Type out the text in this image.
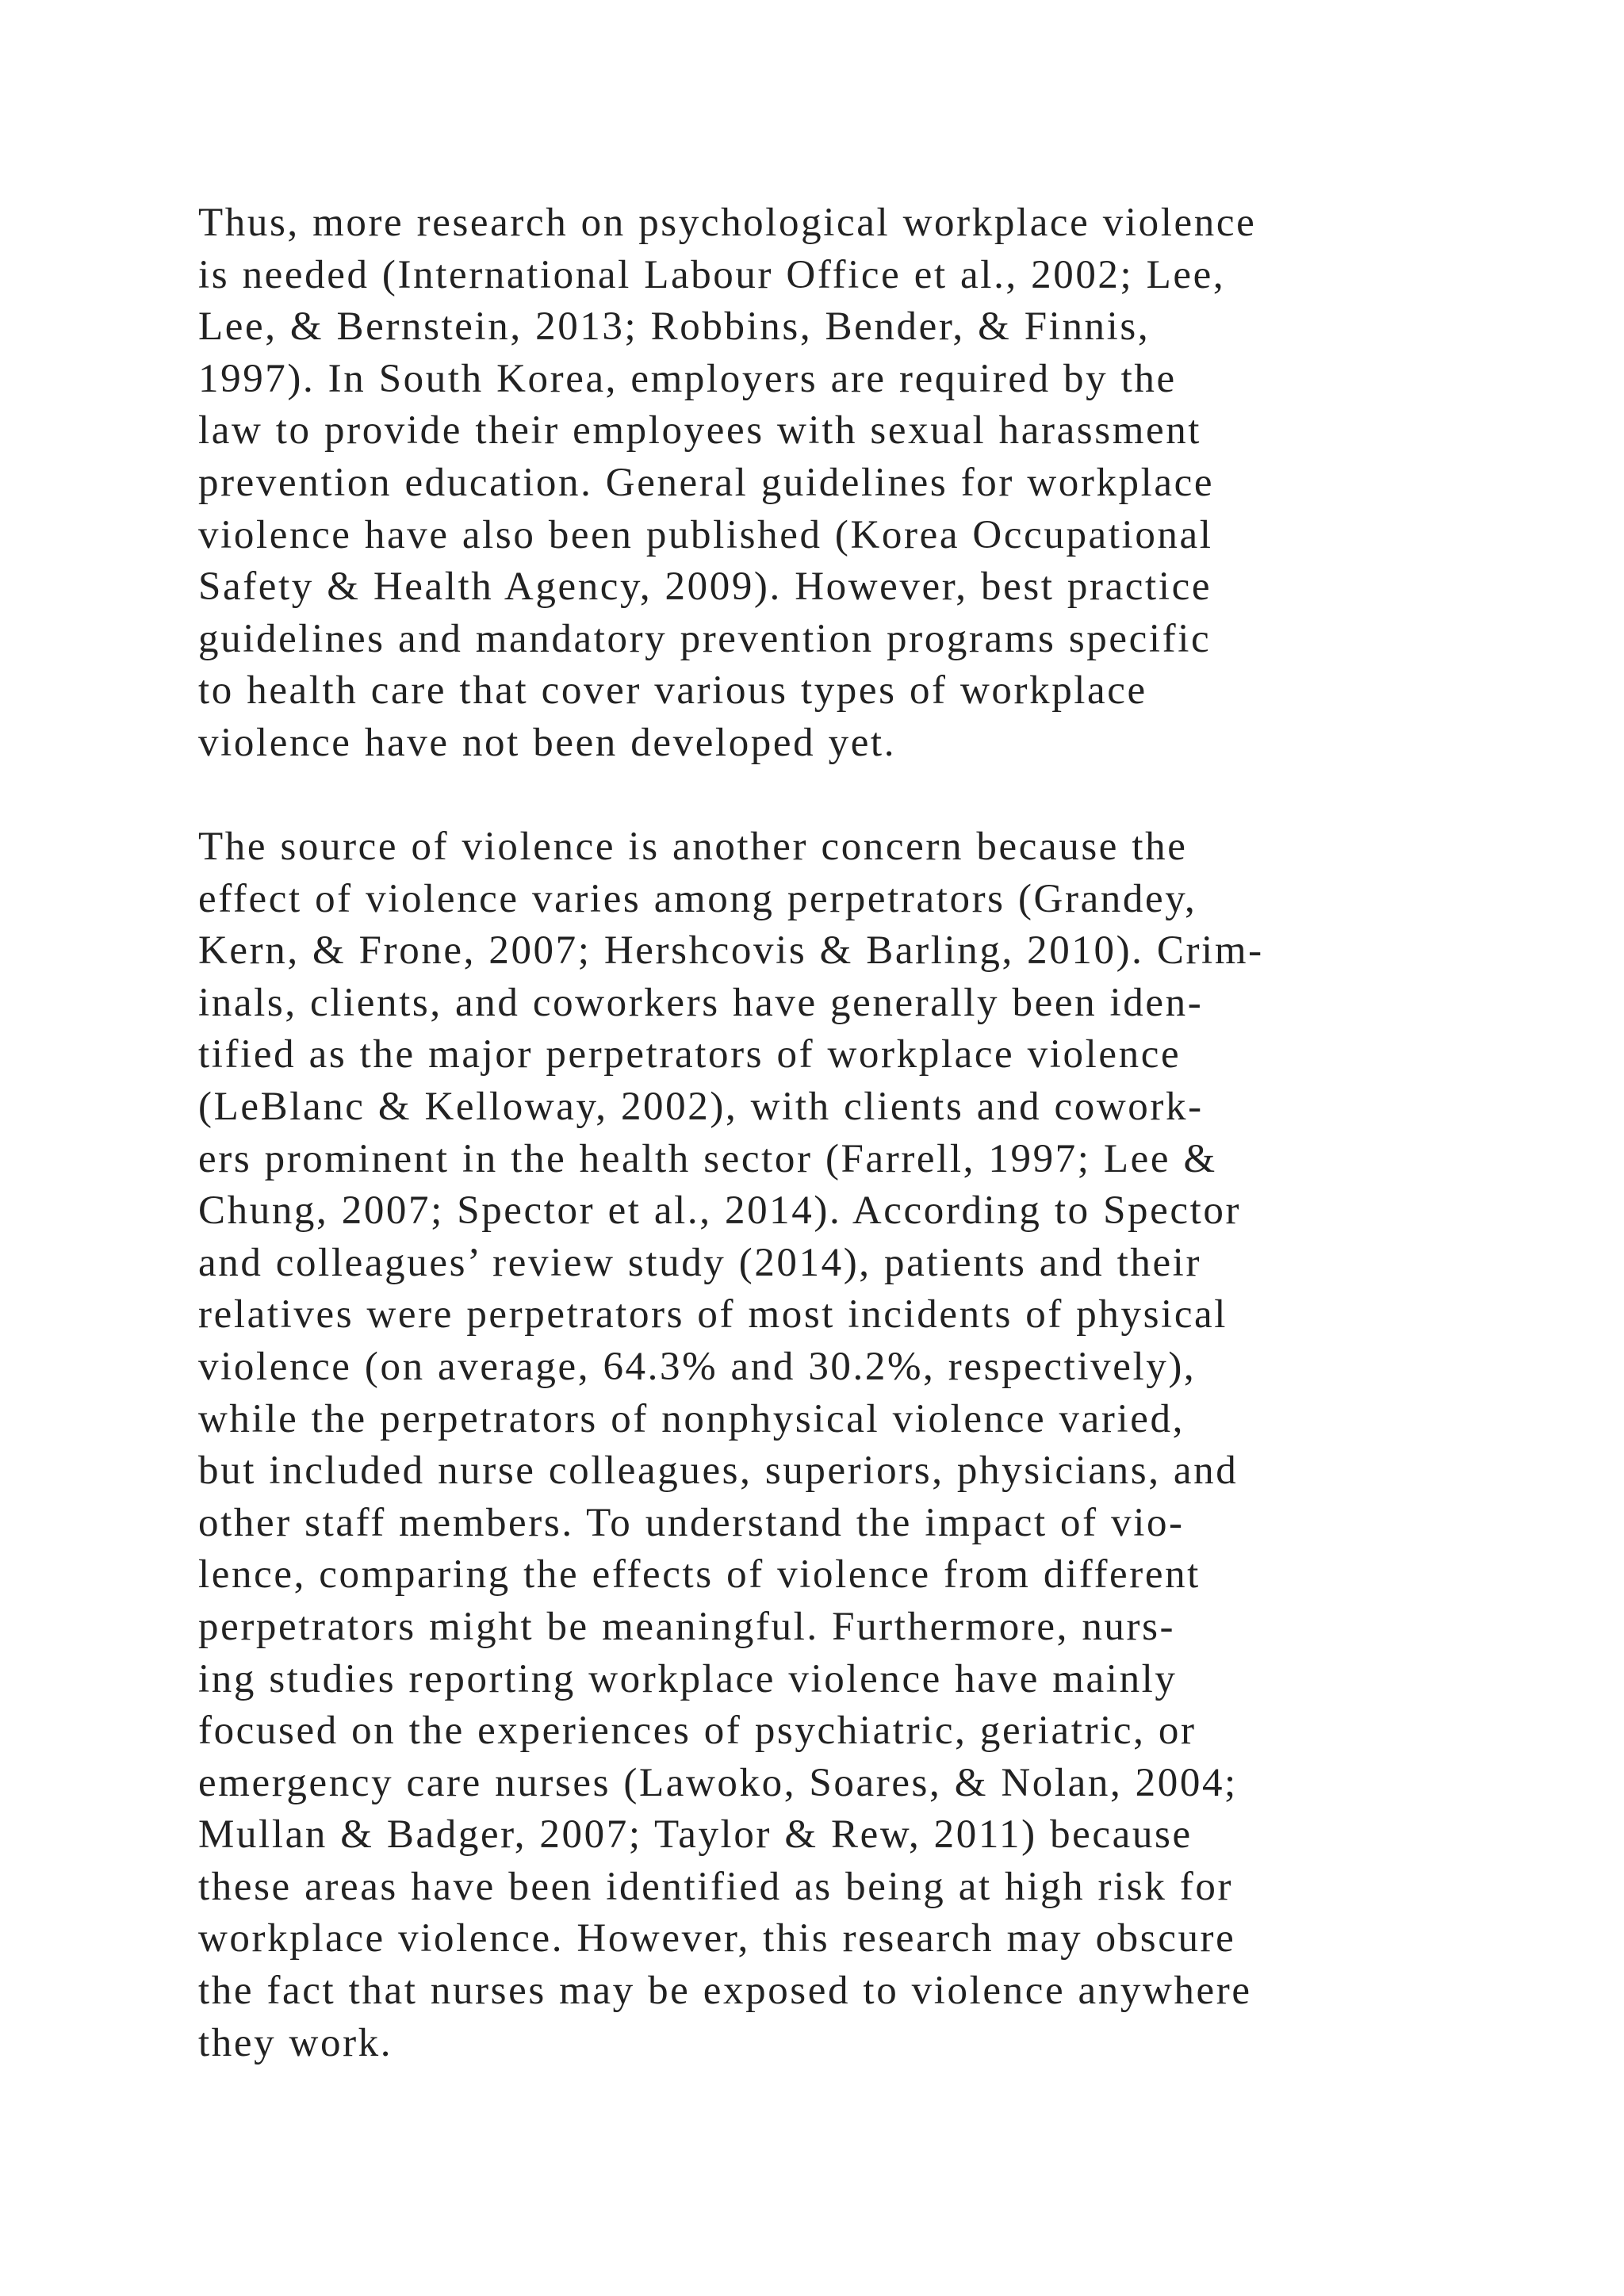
Thus, more research on psychological workplace violence
is needed (International Labour Office et al., 2002; Lee,
Lee, & Bernstein, 2013; Robbins, Bender, & Finnis,
1997). In South Korea, employers are required by the
law to provide their employees with sexual harassment
prevention education. General guidelines for workplace
violence have also been published (Korea Occupational
Safety & Health Agency, 2009). However, best practice
guidelines and mandatory prevention programs specific
to health care that cover various types of workplace
violence have not been developed yet.
The source of violence is another concern because the
effect of violence varies among perpetrators (Grandey,
Kern, & Frone, 2007; Hershcovis & Barling, 2010). Crim-
inals, clients, and coworkers have generally been iden-
tified as the major perpetrators of workplace violence
(LeBlanc & Kelloway, 2002), with clients and cowork-
ers prominent in the health sector (Farrell, 1997; Lee &
Chung, 2007; Spector et al., 2014). According to Spector
and colleagues’ review study (2014), patients and their
relatives were perpetrators of most incidents of physical
violence (on average, 64.3% and 30.2%, respectively),
while the perpetrators of nonphysical violence varied,
but included nurse colleagues, superiors, physicians, and
other staff members. To understand the impact of vio-
lence, comparing the effects of violence from different
perpetrators might be meaningful. Furthermore, nurs-
ing studies reporting workplace violence have mainly
focused on the experiences of psychiatric, geriatric, or
emergency care nurses (Lawoko, Soares, & Nolan, 2004;
Mullan & Badger, 2007; Taylor & Rew, 2011) because
these areas have been identified as being at high risk for
workplace violence. However, this research may obscure
the fact that nurses may be exposed to violence anywhere
they work.
